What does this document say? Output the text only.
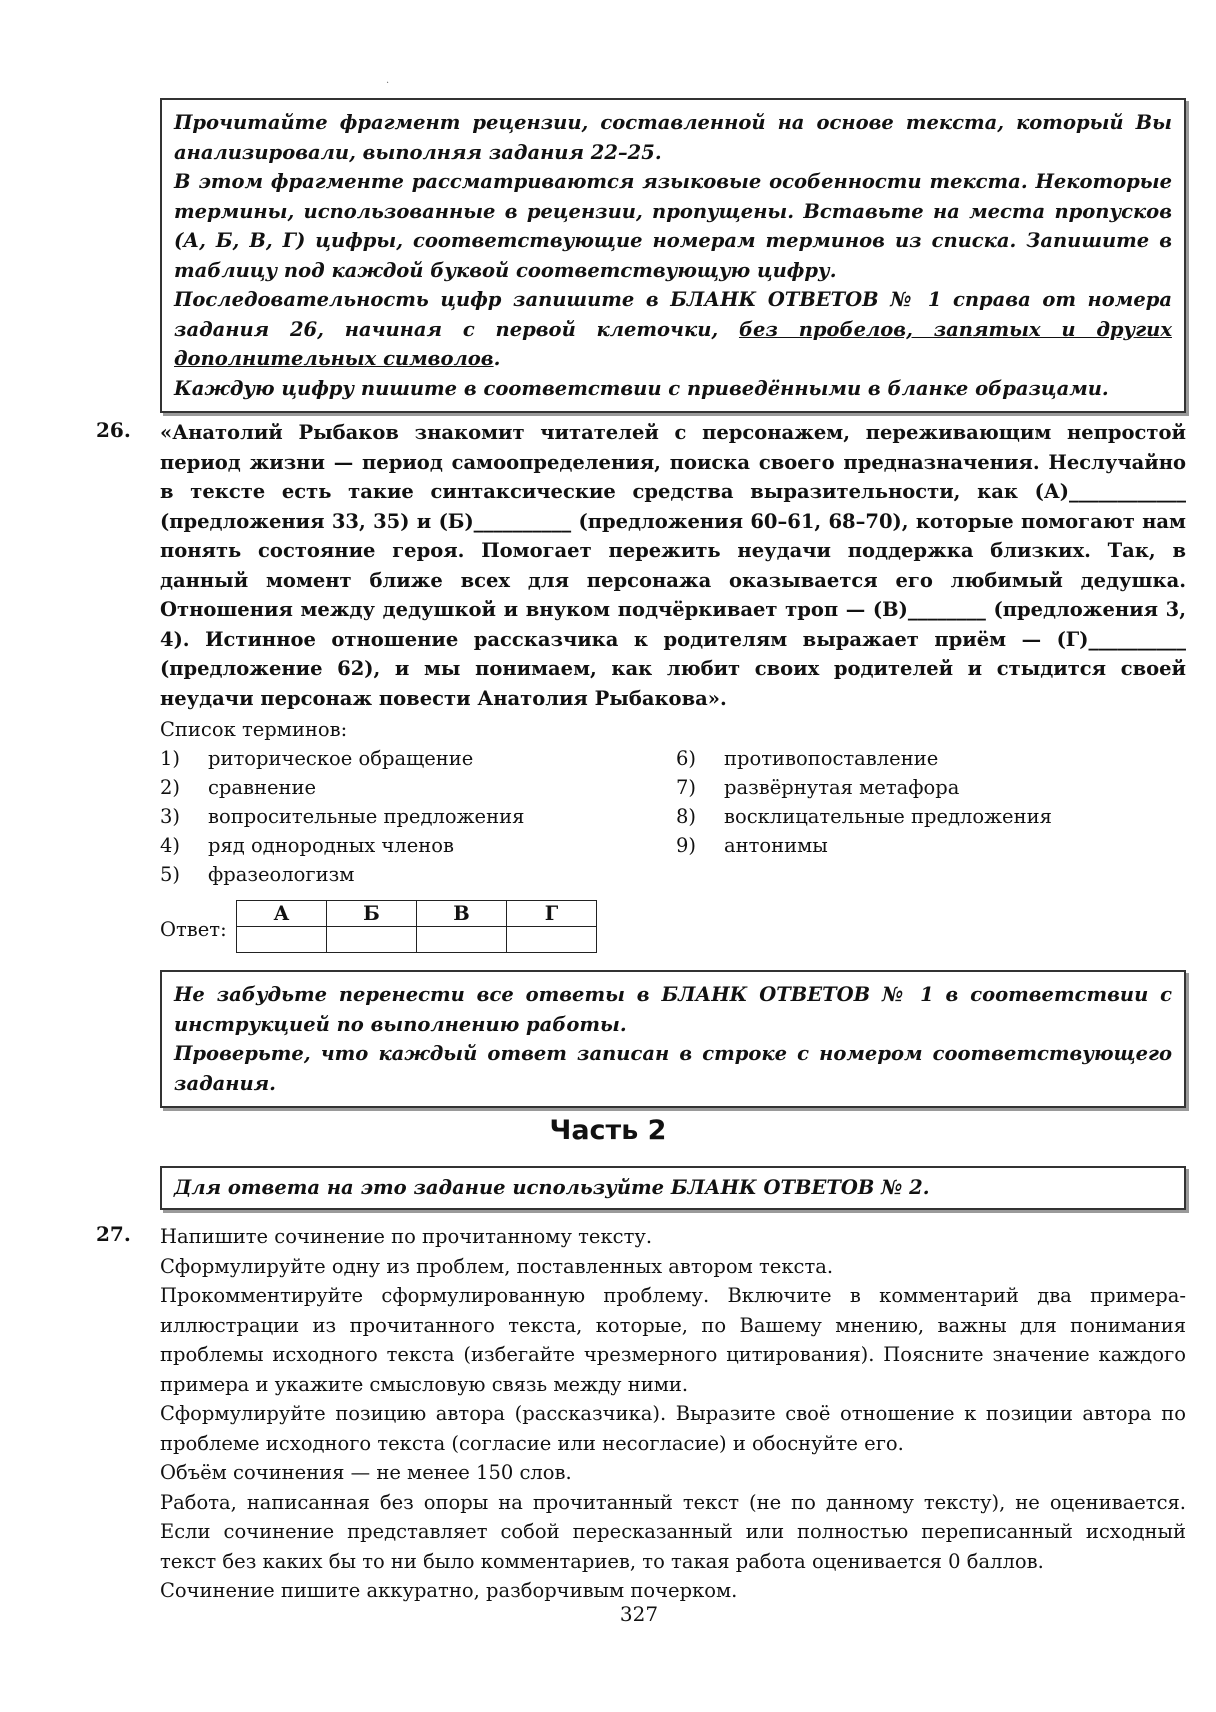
Прочитайте фрагмент рецензии, составленной на основе текста, который Вы анализировали, выполняя задания 22–25.

В этом фрагменте рассматриваются языковые особенности текста. Некоторые термины, использованные в рецензии, пропущены. Вставьте на места пропусков (А, Б, В, Г) цифры, соответствующие номерам терминов из списка. Запишите в таблицу под каждой буквой соответствующую цифру.

Последовательность цифр запишите в БЛАНК ОТВЕТОВ № 1 справа от номера задания 26, начиная с первой клеточки, без пробелов, запятых и других дополнительных символов.

Каждую цифру пишите в соответствии с приведёнными в бланке образцами.

26. «Анатолий Рыбаков знакомит читателей с персонажем, переживающим непростой период жизни — период самоопределения, поиска своего предназначения. Неслучайно в тексте есть такие синтаксические средства выразительности, как (А)____________ (предложения 33, 35) и (Б)__________ (предложения 60–61, 68–70), которые помогают нам понять состояние героя. Помогает пережить неудачи поддержка близких. Так, в данный момент ближе всех для персонажа оказывается его любимый дедушка. Отношения между дедушкой и внуком подчёркивает троп — (В)________ (предложения 3, 4). Истинное отношение рассказчика к родителям выражает приём — (Г)__________ (предложение 62), и мы понимаем, как любит своих родителей и стыдится своей неудачи персонаж повести Анатолия Рыбакова».

Список терминов:
1)	риторическое обращение
2)	сравнение
3)	вопросительные предложения
4)	ряд однородных членов
5)	фразеологизм
6)	противопоставление
7)	развёрнутая метафора
8)	восклицательные предложения
9)	антонимы
Ответ:
А	Б	В	Г

Не забудьте перенести все ответы в БЛАНК ОТВЕТОВ № 1 в соответствии с инструкцией по выполнению работы.

Проверьте, что каждый ответ записан в строке с номером соответствующего задания.

Часть 2

Для ответа на это задание используйте БЛАНК ОТВЕТОВ № 2.

27. Напишите сочинение по прочитанному тексту.

Сформулируйте одну из проблем, поставленных автором текста.

Прокомментируйте сформулированную проблему. Включите в комментарий два примера-иллюстрации из прочитанного текста, которые, по Вашему мнению, важны для понимания проблемы исходного текста (избегайте чрезмерного цитирования). Поясните значение каждого примера и укажите смысловую связь между ними.

Сформулируйте позицию автора (рассказчика). Выразите своё отношение к позиции автора по проблеме исходного текста (согласие или несогласие) и обоснуйте его.

Объём сочинения — не менее 150 слов.

Работа, написанная без опоры на прочитанный текст (не по данному тексту), не оценивается. Если сочинение представляет собой пересказанный или полностью переписанный исходный текст без каких бы то ни было комментариев, то такая работа оценивается 0 баллов.

Сочинение пишите аккуратно, разборчивым почерком.

327
·
